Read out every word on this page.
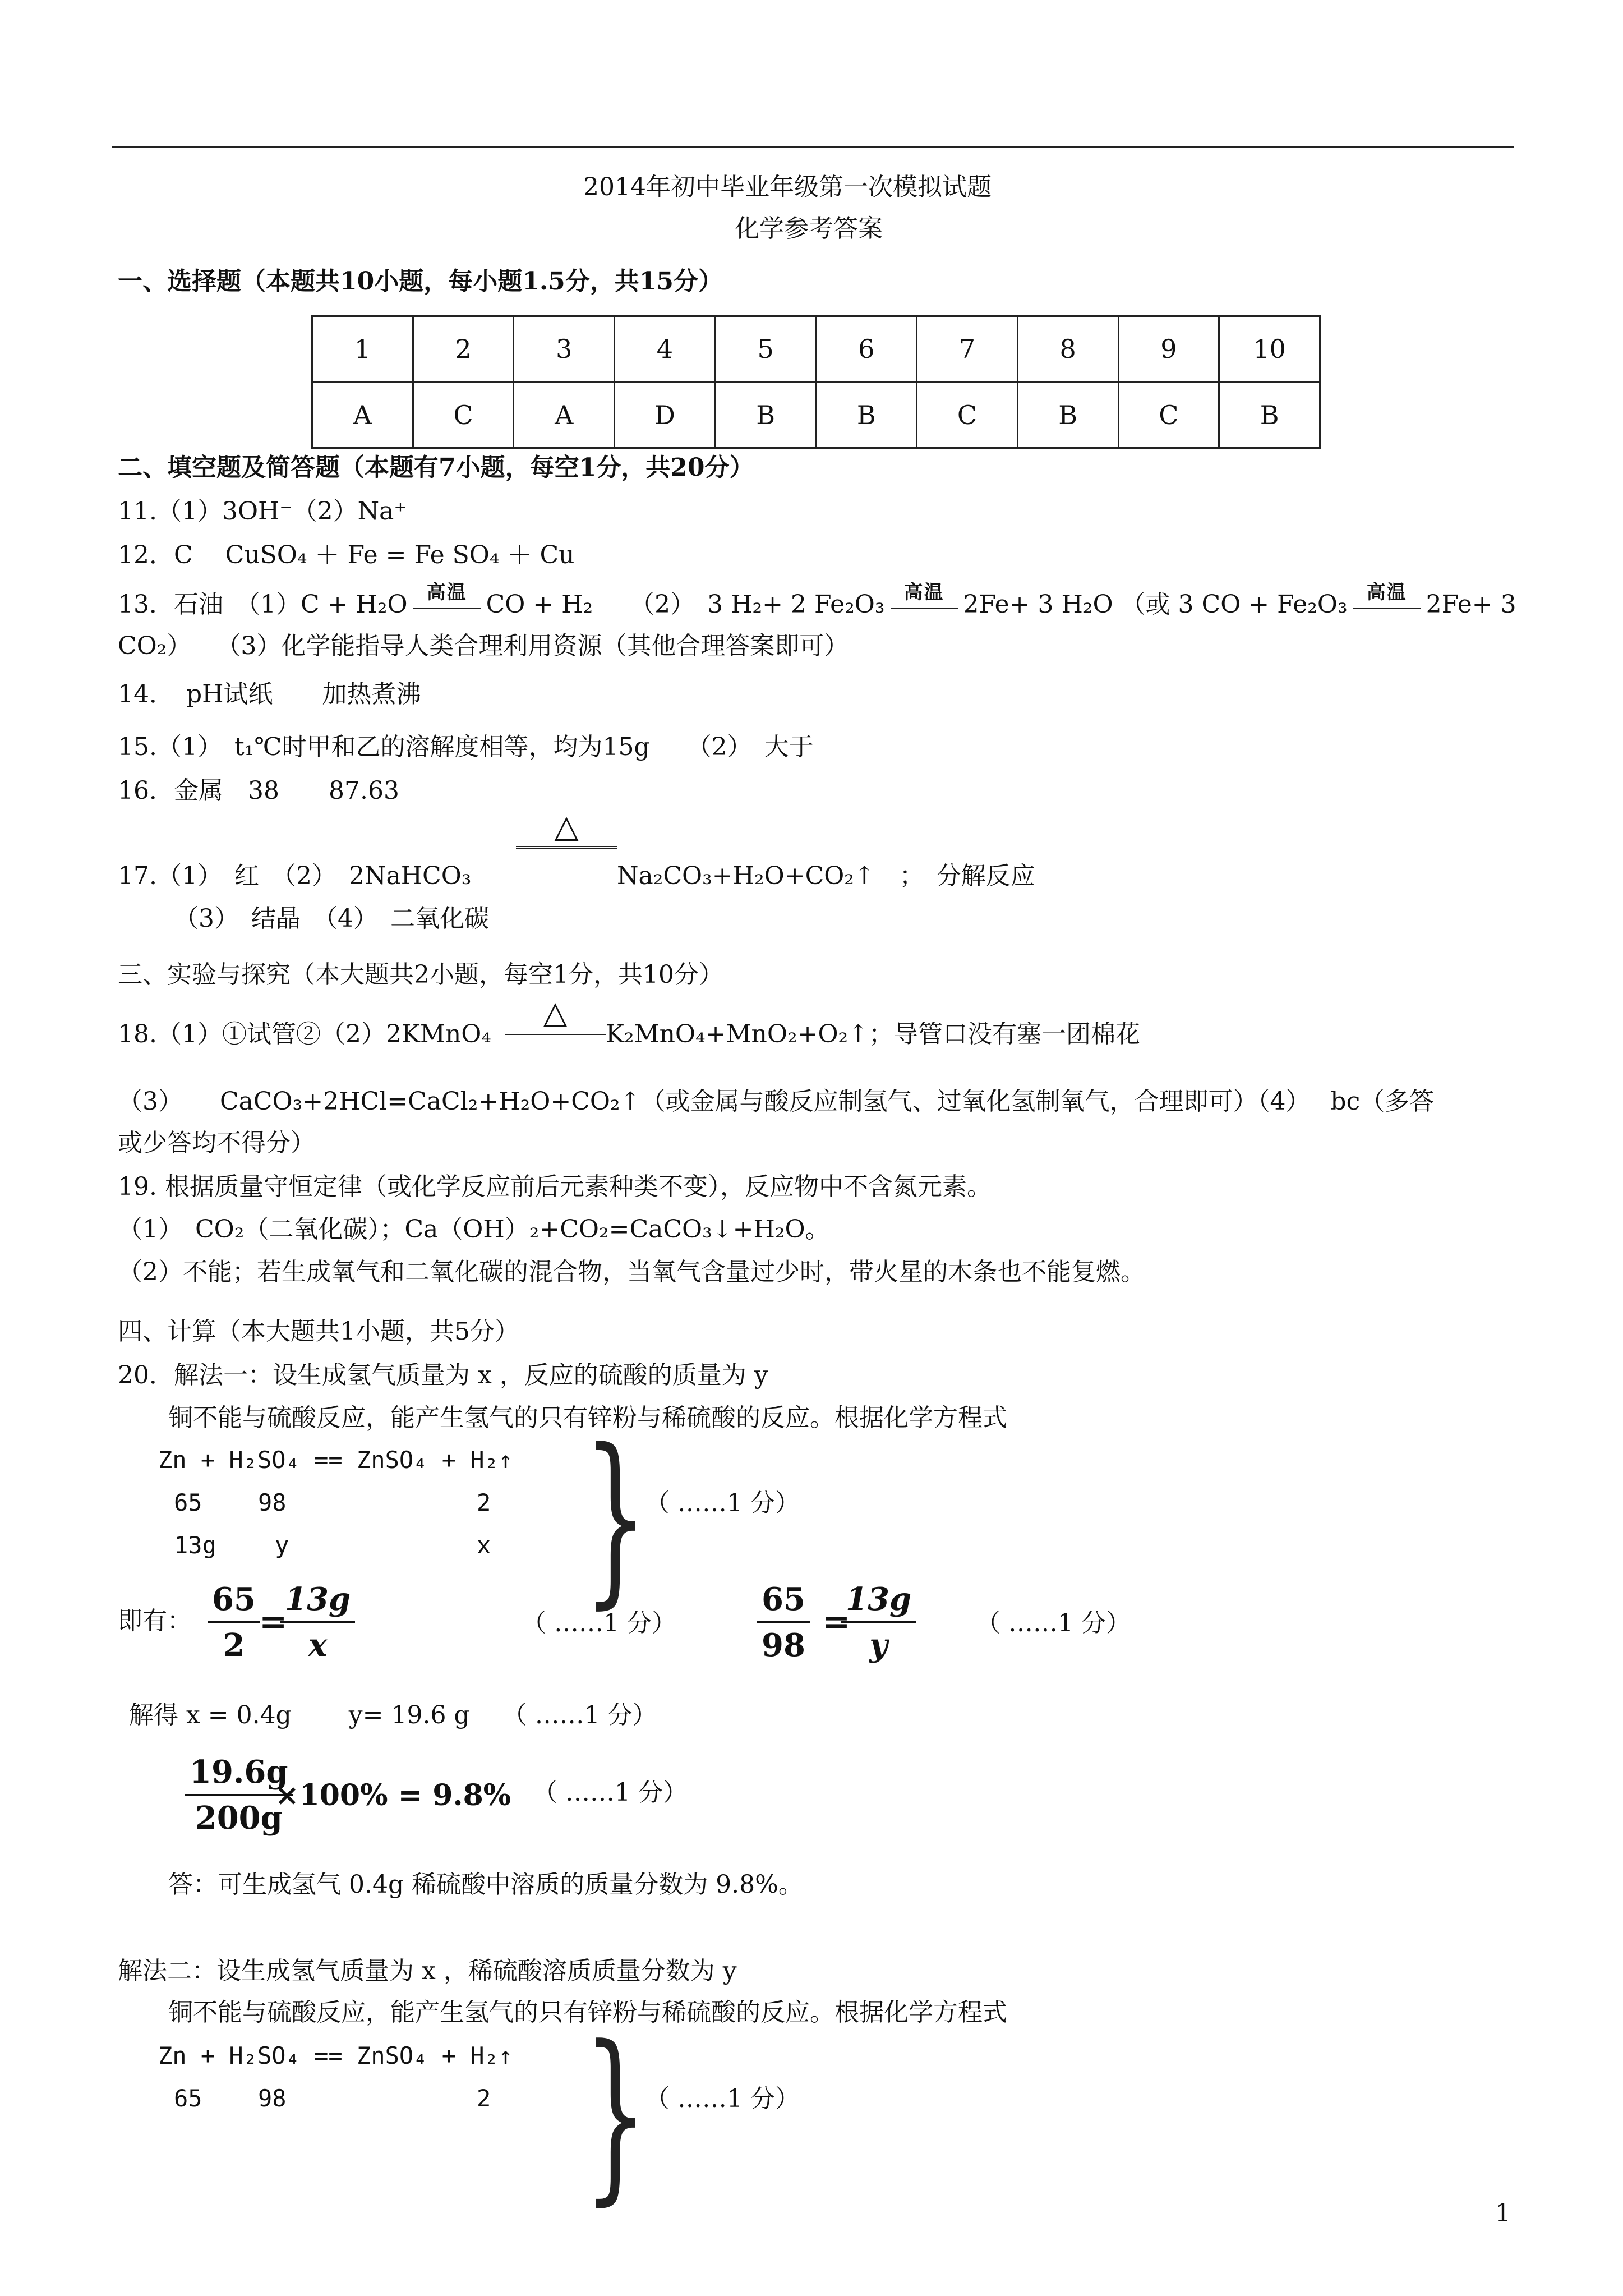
2014年初中毕业年级第一次模拟试题
化学参考答案
一、选择题（本题共10小题，每小题1.5分，共15分）
1	2	3	4	5	6	7	8	9	10
A	C	A	D	B	B	C	B	C	B
二、填空题及简答题（本题有7小题，每空1分，共20分）
11.（1）3OH⁻（2）Na⁺
12．C　 CuSO₄ ＋ Fe = Fe SO₄ ＋ Cu
13．石油　（1）C + H₂O	高温 CO + H₂　　（2）　3 H₂+ 2 Fe₂O₃	高温 2Fe+ 3 H₂O （或 3 CO + Fe₂O₃	高温 2Fe+ 3
CO₂）　　（3）化学能指导人类合理利用资源（其他合理答案即可）
14．　pH试纸　　加热煮沸
15.（1）　t₁℃时甲和乙的溶解度相等，均为15g　　（2）　大于
16．金属　38　　87.63
△
17.（1）　红　（2）　2NaHCO₃	Na₂CO₃+H₂O+CO₂↑　；　分解反应
（3）　结晶　（4）　二氧化碳
三、实验与探究（本大题共2小题，每空1分，共10分）
18.（1）①试管②（2）2KMnO₄
△
K₂MnO₄+MnO₂+O₂↑；导管口没有塞一团棉花
（3）　　CaCO₃+2HCl=CaCl₂+H₂O+CO₂↑（或金属与酸反应制氢气、过氧化氢制氧气，合理即可）（4）　 bc（多答
或少答均不得分）
19. 根据质量守恒定律（或化学反应前后元素种类不变），反应物中不含氮元素。
（1）　CO₂（二氧化碳）；Ca（OH）₂+CO₂=CaCO₃↓+H₂O。
（2）不能；若生成氧气和二氧化碳的混合物，当氧气含量过少时，带火星的木条也不能复燃。
四、计算（本大题共1小题，共5分）
20．解法一：设生成氢气质量为 x ，反应的硫酸的质量为 y
铜不能与硫酸反应，能产生氢气的只有锌粉与稀硫酸的反应。根据化学方程式
Zn + H₂SO₄ == ZnSO₄ + H₂↑
65 98	2
13g y	x }
（ ……1 分）
即有： $\frac{65}{2}$
=
$\frac{13g}{x}$	（ ……1 分）	$\frac{65}{98}$ =
$\frac{13g}{y}$ （ ……1 分）
解得 x = 0.4g　　 y= 19.6 g　 （ ……1 分）
$\frac{19.6g}{200g}$
×100% = 9.8% （ ……1 分）
答：可生成氢气 0.4g 稀硫酸中溶质的质量分数为 9.8%。
解法二：设生成氢气质量为 x ，稀硫酸溶质质量分数为 y
铜不能与硫酸反应，能产生氢气的只有锌粉与稀硫酸的反应。根据化学方程式
Zn + H₂SO₄ == ZnSO₄ + H₂↑
65 98	2 }
（ ……1 分）
1
